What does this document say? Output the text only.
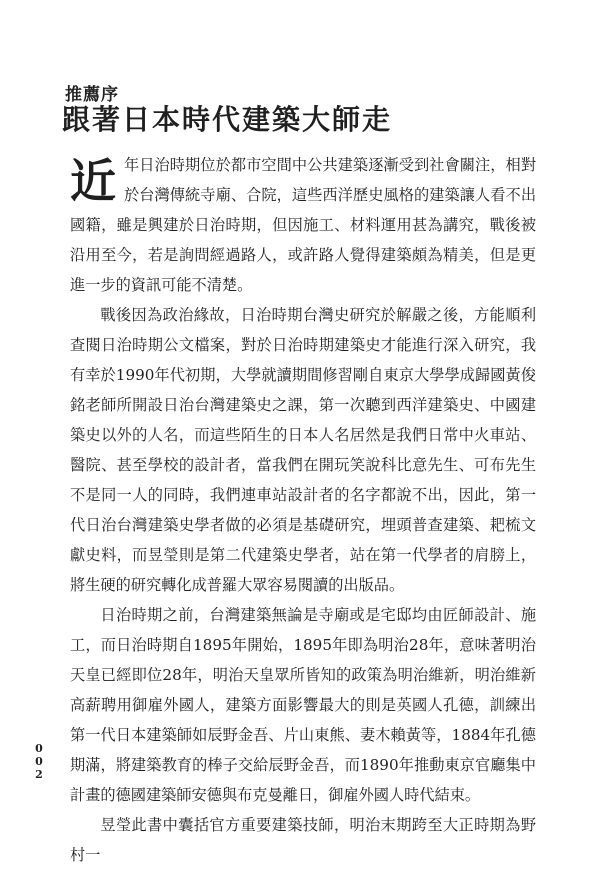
推薦序
跟著日本時代建築大師走

近 年日治時期位於都市空間中公共建築逐漸受到社會關注，相對於台灣傳統寺廟、合院，這些西洋歷史風格的建築讓人看不出國籍，雖是興建於日治時期，但因施工、材料運用甚為講究，戰後被沿用至今，若是詢問經過路人，或許路人覺得建築頗為精美，但是更進一步的資訊可能不清楚。

戰後因為政治緣故，日治時期台灣史研究於解嚴之後，方能順利查閱日治時期公文檔案，對於日治時期建築史才能進行深入研究，我有幸於1990年代初期，大學就讀期間修習剛自東京大學學成歸國黃俊銘老師所開設日治台灣建築史之課，第一次聽到西洋建築史、中國建築史以外的人名，而這些陌生的日本人名居然是我們日常中火車站、醫院、甚至學校的設計者，當我們在開玩笑說科比意先生、可布先生不是同一人的同時，我們連車站設計者的名字都說不出，因此，第一代日治台灣建築史學者做的必須是基礎研究，埋頭普查建築、耙梳文獻史料，而昱瑩則是第二代建築史學者，站在第一代學者的肩膀上，將生硬的研究轉化成普羅大眾容易閱讀的出版品。

日治時期之前，台灣建築無論是寺廟或是宅邸均由匠師設計、施工，而日治時期自1895年開始，1895年即為明治28年，意味著明治天皇已經即位28年，明治天皇眾所皆知的政策為明治維新，明治維新高薪聘用御雇外國人，建築方面影響最大的則是英國人孔德，訓練出第一代日本建築師如辰野金吾、片山東熊、妻木賴黃等，1884年孔德期滿，將建築教育的棒子交給辰野金吾，而1890年推動東京官廳集中計畫的德國建築師安德與布克曼離日，御雇外國人時代結束。

昱瑩此書中囊括官方重要建築技師，明治末期跨至大正時期為野村一

0
0
2
